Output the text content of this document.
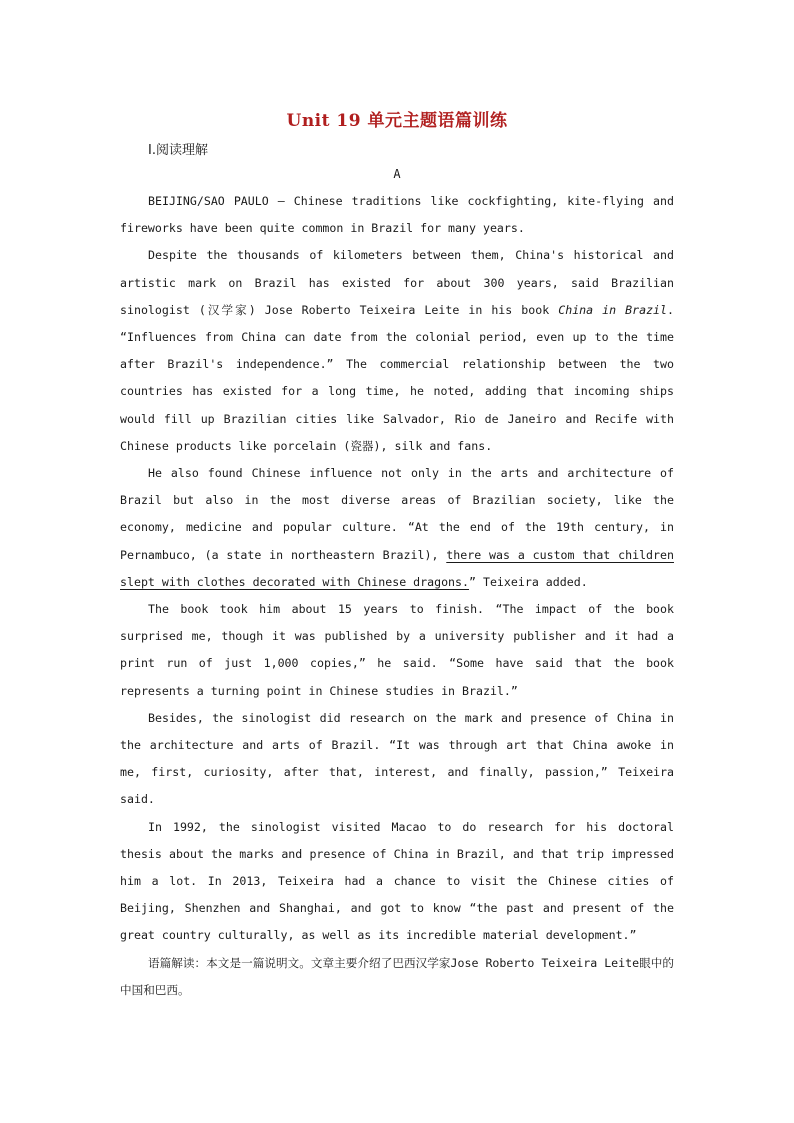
Unit 19 单元主题语篇训练
Ⅰ.阅读理解
A

BEIJING/SAO PAULO — Chinese traditions like cockfighting, kite-flying and fireworks have been quite common in Brazil for many years.

Despite the thousands of kilometers between them, China's historical and artistic mark on Brazil has existed for about 300 years, said Brazilian sinologist (汉学家) Jose Roberto Teixeira Leite in his book China in Brazil. “Influences from China can date from the colonial period, even up to the time after Brazil's independence.” The commercial relationship between the two countries has existed for a long time, he noted, adding that incoming ships would fill up Brazilian cities like Salvador, Rio de Janeiro and Recife with Chinese products like porcelain (瓷器), silk and fans.

He also found Chinese influence not only in the arts and architecture of Brazil but also in the most diverse areas of Brazilian society, like the economy, medicine and popular culture. “At the end of the 19th century, in Pernambuco, (a state in northeastern Brazil), there was a custom that children slept with clothes decorated with Chinese dragons.” Teixeira added.

The book took him about 15 years to finish. “The impact of the book surprised me, though it was published by a university publisher and it had a print run of just 1,000 copies,” he said. “Some have said that the book represents a turning point in Chinese studies in Brazil.”

Besides, the sinologist did research on the mark and presence of China in the architecture and arts of Brazil. “It was through art that China awoke in me, first, curiosity, after that, interest, and finally, passion,” Teixeira said.

In 1992, the sinologist visited Macao to do research for his doctoral thesis about the marks and presence of China in Brazil, and that trip impressed him a lot. In 2013, Teixeira had a chance to visit the Chinese cities of Beijing, Shenzhen and Shanghai, and got to know “the past and present of the great country culturally, as well as its incredible material development.”

语篇解读：本文是一篇说明文。文章主要介绍了巴西汉学家Jose Roberto Teixeira Leite眼中的中国和巴西。
